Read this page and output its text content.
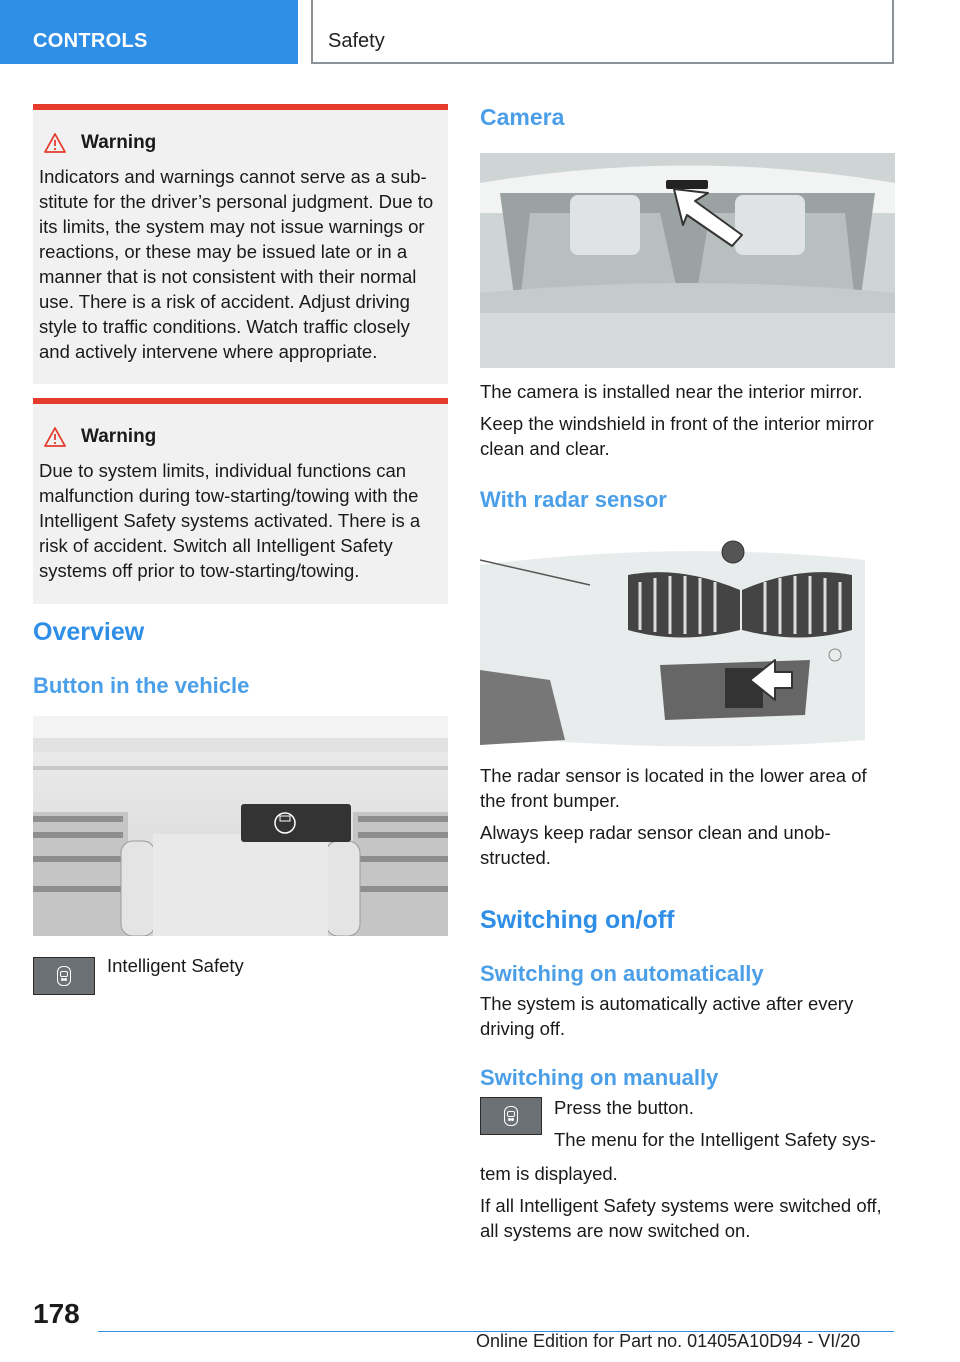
CONTROLS	Safety
Warning

Indicators and warnings cannot serve as a sub-stitute for the driver’s personal judgment. Due to its limits, the system may not issue warnings or reactions, or these may be issued late or in a manner that is not consistent with their normal use. There is a risk of accident. Adjust driving style to traffic conditions. Watch traffic closely and actively intervene where appropriate.

Warning

Due to system limits, individual functions can malfunction during tow-starting/towing with the Intelligent Safety systems activated. There is a risk of accident. Switch all Intelligent Safety systems off prior to tow-starting/towing.

Overview
Button in the vehicle
Intelligent Safety
Camera

The camera is installed near the interior mirror.

Keep the windshield in front of the interior mirror clean and clear.

With radar sensor

The radar sensor is located in the lower area of the front bumper.

Always keep radar sensor clean and unob-structed.

Switching on/off
Switching on automatically

The system is automatically active after every driving off.

Switching on manually

Press the button.

The menu for the Intelligent Safety sys-

tem is displayed.

If all Intelligent Safety systems were switched off, all systems are now switched on.

178
Online Edition for Part no. 01405A10D94 - VI/20
